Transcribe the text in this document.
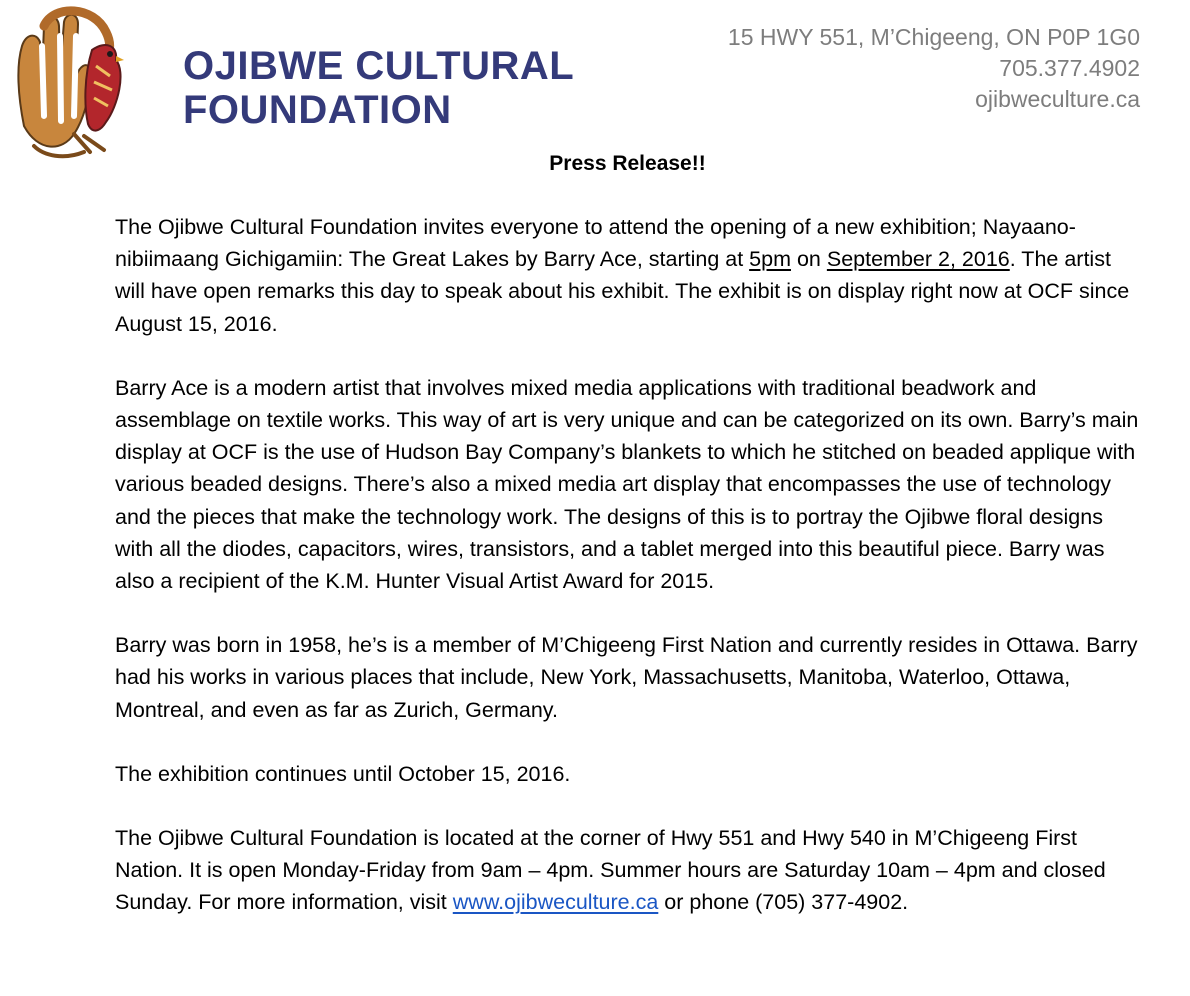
OJIBWE CULTURAL
FOUNDATION
15 HWY 551, M’Chigeeng, ON P0P 1G0
705.377.4902
ojibweculture.ca
Press Release!!

The Ojibwe Cultural Foundation invites everyone to attend the opening of a new exhibition; Nayaano-nibiimaang Gichigamiin: The Great Lakes by Barry Ace, starting at 5pm on September 2, 2016. The artist will have open remarks this day to speak about his exhibit. The exhibit is on display right now at OCF since August 15, 2016.

Barry Ace is a modern artist that involves mixed media applications with traditional beadwork and assemblage on textile works. This way of art is very unique and can be categorized on its own. Barry’s main display at OCF is the use of Hudson Bay Company’s blankets to which he stitched on beaded applique with various beaded designs. There’s also a mixed media art display that encompasses the use of technology and the pieces that make the technology work. The designs of this is to portray the Ojibwe floral designs with all the diodes, capacitors, wires, transistors, and a tablet merged into this beautiful piece. Barry was also a recipient of the K.M. Hunter Visual Artist Award for 2015.

Barry was born in 1958, he’s is a member of M’Chigeeng First Nation and currently resides in Ottawa. Barry had his works in various places that include, New York, Massachusetts, Manitoba, Waterloo, Ottawa, Montreal, and even as far as Zurich, Germany.

The exhibition continues until October 15, 2016.

The Ojibwe Cultural Foundation is located at the corner of Hwy 551 and Hwy 540 in M’Chigeeng First Nation. It is open Monday-Friday from 9am – 4pm. Summer hours are Saturday 10am – 4pm and closed Sunday. For more information, visit www.ojibweculture.ca or phone (705) 377-4902.
